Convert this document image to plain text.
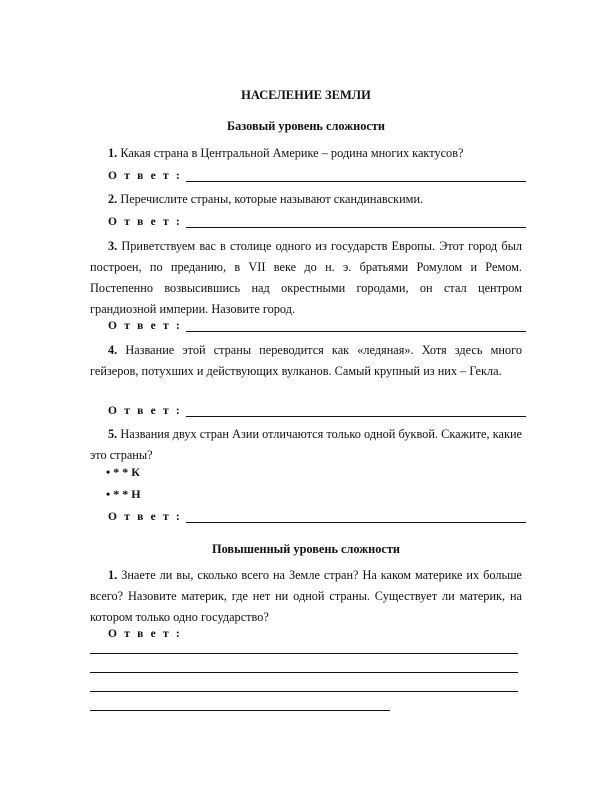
НАСЕЛЕНИЕ ЗЕМЛИ
Базовый уровень сложности
1. Какая страна в Центральной Америке – родина многих кактусов?
О т в е т :
2. Перечислите страны, которые называют скандинавскими.
О т в е т :
3. Приветствуем вас в столице одного из государств Европы. Этот город был построен, по преданию, в VII веке до н. э. братьями Ромулом и Ремом. Постепенно возвысившись над окрестными городами, он стал центром грандиозной империи. Назовите город.
О т в е т :
4. Название этой страны переводится как «ледяная». Хотя здесь много гейзеров, потухших и действующих вулканов. Самый крупный из них – Гекла.
О т в е т :
5. Названия двух стран Азии отличаются только одной буквой. Скажите, какие это страны?
• * * К
• * * Н
О т в е т :
Повышенный уровень сложности
1. Знаете ли вы, сколько всего на Земле стран? На каком материке их больше всего? Назовите материк, где нет ни одной страны. Существует ли материк, на котором только одно государство?
О т в е т :
